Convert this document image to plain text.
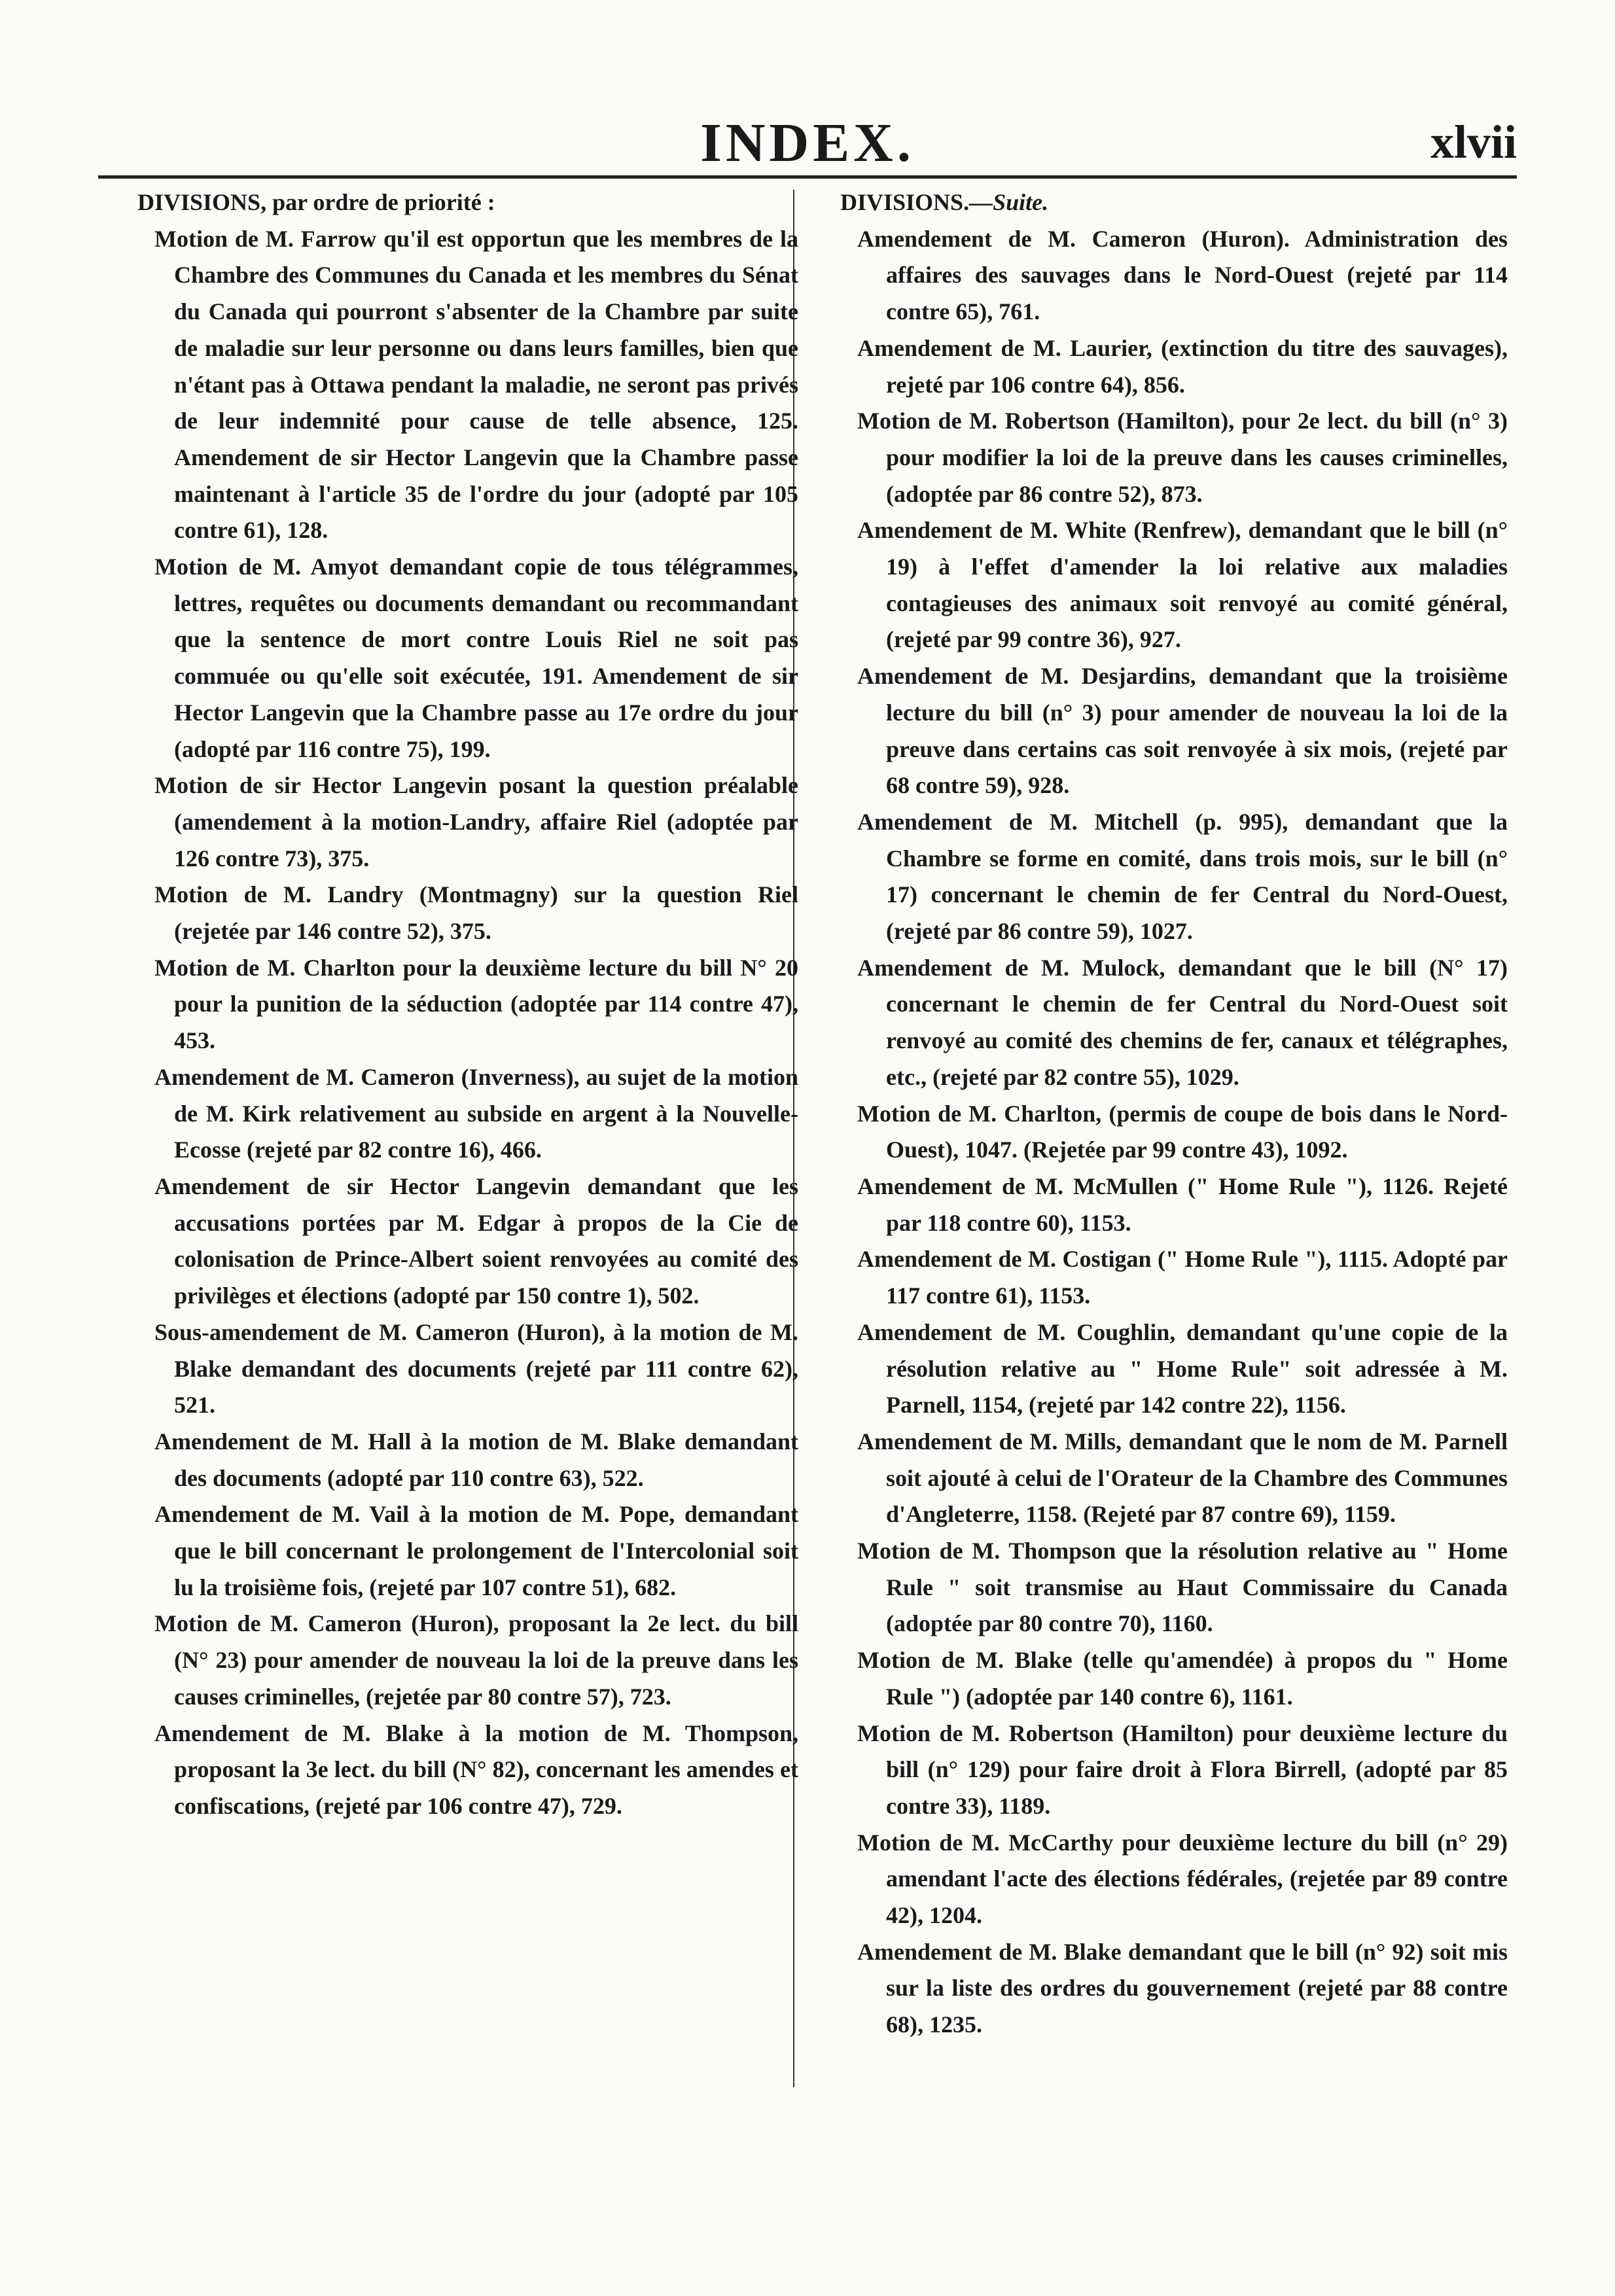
INDEX.	xlvii

DIVISIONS, par ordre de priorité :

Motion de M. Farrow qu'il est opportun que les membres de la Chambre des Communes du Canada et les membres du Sénat du Canada qui pourront s'absenter de la Chambre par suite de maladie sur leur personne ou dans leurs familles, bien que n'étant pas à Ottawa pendant la maladie, ne seront pas privés de leur indemnité pour cause de telle absence, 125. Amendement de sir Hector Langevin que la Chambre passe maintenant à l'article 35 de l'ordre du jour (adopté par 105 contre 61), 128.

Motion de M. Amyot demandant copie de tous télégrammes, lettres, requêtes ou documents demandant ou recommandant que la sentence de mort contre Louis Riel ne soit pas commuée ou qu'elle soit exécutée, 191. Amendement de sir Hector Langevin que la Chambre passe au 17e ordre du jour (adopté par 116 contre 75), 199.

Motion de sir Hector Langevin posant la question préalable (amendement à la motion-Landry, affaire Riel (adoptée par 126 contre 73), 375.

Motion de M. Landry (Montmagny) sur la question Riel (rejetée par 146 contre 52), 375.

Motion de M. Charlton pour la deuxième lecture du bill N° 20 pour la punition de la séduction (adoptée par 114 contre 47), 453.

Amendement de M. Cameron (Inverness), au sujet de la motion de M. Kirk relativement au subside en argent à la Nouvelle-Ecosse (rejeté par 82 contre 16), 466.

Amendement de sir Hector Langevin demandant que les accusations portées par M. Edgar à propos de la Cie de colonisation de Prince-Albert soient renvoyées au comité des privilèges et élections (adopté par 150 contre 1), 502.

Sous-amendement de M. Cameron (Huron), à la motion de M. Blake demandant des documents (rejeté par 111 contre 62), 521.

Amendement de M. Hall à la motion de M. Blake demandant des documents (adopté par 110 contre 63), 522.

Amendement de M. Vail à la motion de M. Pope, demandant que le bill concernant le prolongement de l'Intercolonial soit lu la troisième fois, (rejeté par 107 contre 51), 682.

Motion de M. Cameron (Huron), proposant la 2e lect. du bill (N° 23) pour amender de nouveau la loi de la preuve dans les causes criminelles, (rejetée par 80 contre 57), 723.

Amendement de M. Blake à la motion de M. Thompson, proposant la 3e lect. du bill (N° 82), concernant les amendes et confiscations, (rejeté par 106 contre 47), 729.

DIVISIONS.—Suite.

Amendement de M. Cameron (Huron). Administration des affaires des sauvages dans le Nord-Ouest (rejeté par 114 contre 65), 761.

Amendement de M. Laurier, (extinction du titre des sauvages), rejeté par 106 contre 64), 856.

Motion de M. Robertson (Hamilton), pour 2e lect. du bill (n° 3) pour modifier la loi de la preuve dans les causes criminelles, (adoptée par 86 contre 52), 873.

Amendement de M. White (Renfrew), demandant que le bill (n° 19) à l'effet d'amender la loi relative aux maladies contagieuses des animaux soit renvoyé au comité général, (rejeté par 99 contre 36), 927.

Amendement de M. Desjardins, demandant que la troisième lecture du bill (n° 3) pour amender de nouveau la loi de la preuve dans certains cas soit renvoyée à six mois, (rejeté par 68 contre 59), 928.

Amendement de M. Mitchell (p. 995), demandant que la Chambre se forme en comité, dans trois mois, sur le bill (n° 17) concernant le chemin de fer Central du Nord-Ouest, (rejeté par 86 contre 59), 1027.

Amendement de M. Mulock, demandant que le bill (N° 17) concernant le chemin de fer Central du Nord-Ouest soit renvoyé au comité des chemins de fer, canaux et télégraphes, etc., (rejeté par 82 contre 55), 1029.

Motion de M. Charlton, (permis de coupe de bois dans le Nord-Ouest), 1047. (Rejetée par 99 contre 43), 1092.

Amendement de M. McMullen (" Home Rule "), 1126. Rejeté par 118 contre 60), 1153.

Amendement de M. Costigan (" Home Rule "), 1115. Adopté par 117 contre 61), 1153.

Amendement de M. Coughlin, demandant qu'une copie de la résolution relative au " Home Rule" soit adressée à M. Parnell, 1154, (rejeté par 142 contre 22), 1156.

Amendement de M. Mills, demandant que le nom de M. Parnell soit ajouté à celui de l'Orateur de la Chambre des Communes d'Angleterre, 1158. (Rejeté par 87 contre 69), 1159.

Motion de M. Thompson que la résolution relative au " Home Rule " soit transmise au Haut Commissaire du Canada (adoptée par 80 contre 70), 1160.

Motion de M. Blake (telle qu'amendée) à propos du " Home Rule ") (adoptée par 140 contre 6), 1161.

Motion de M. Robertson (Hamilton) pour deuxième lecture du bill (n° 129) pour faire droit à Flora Birrell, (adopté par 85 contre 33), 1189.

Motion de M. McCarthy pour deuxième lecture du bill (n° 29) amendant l'acte des élections fédérales, (rejetée par 89 contre 42), 1204.

Amendement de M. Blake demandant que le bill (n° 92) soit mis sur la liste des ordres du gouvernement (rejeté par 88 contre 68), 1235.
